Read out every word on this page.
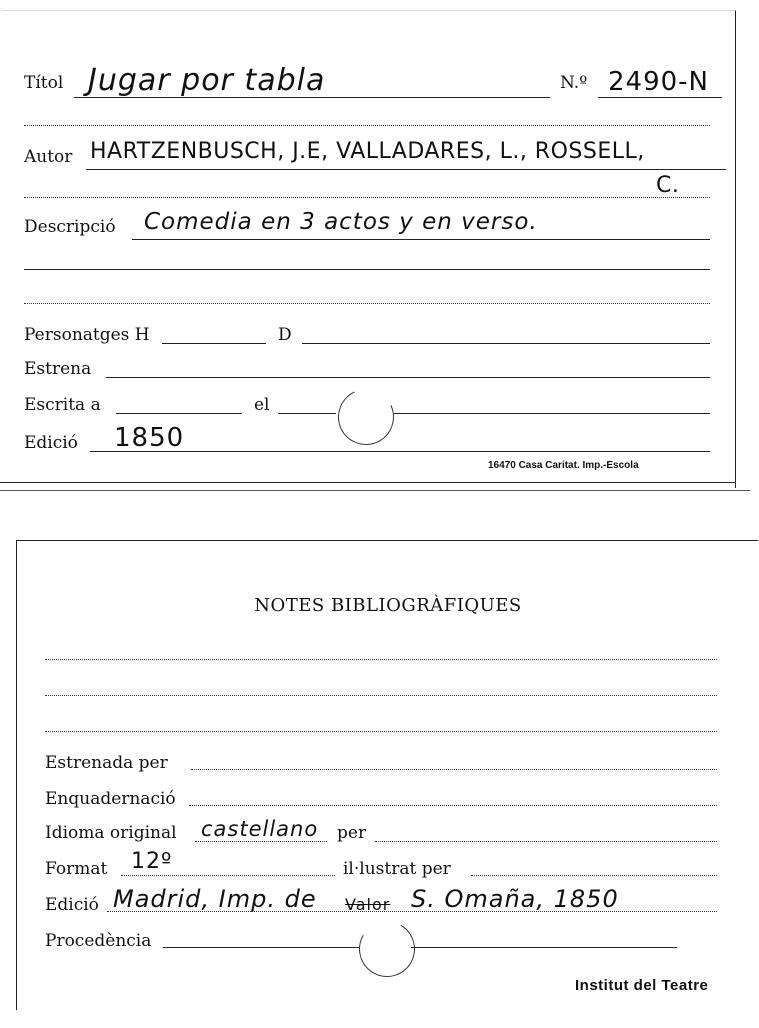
Títol Jugar por tabla	N.º 2490-N
Autor HARTZENBUSCH, J.E, VALLADARES, L., ROSSELL,
C.
Descripció Comedia en 3 actos y en verso.
Personatges H	D
Estrena
Escrita a	el
Edició 1850
16470 Casa Caritat. Imp.-Escola
NOTES BIBLIOGRÀFIQUES
Estrenada per
Enquadernació
Idioma original castellano per
Format 12º	il·lustrat per
Edició Madrid, Imp. de Valor S. Omaña, 1850
Procedència
Institut del Teatre
